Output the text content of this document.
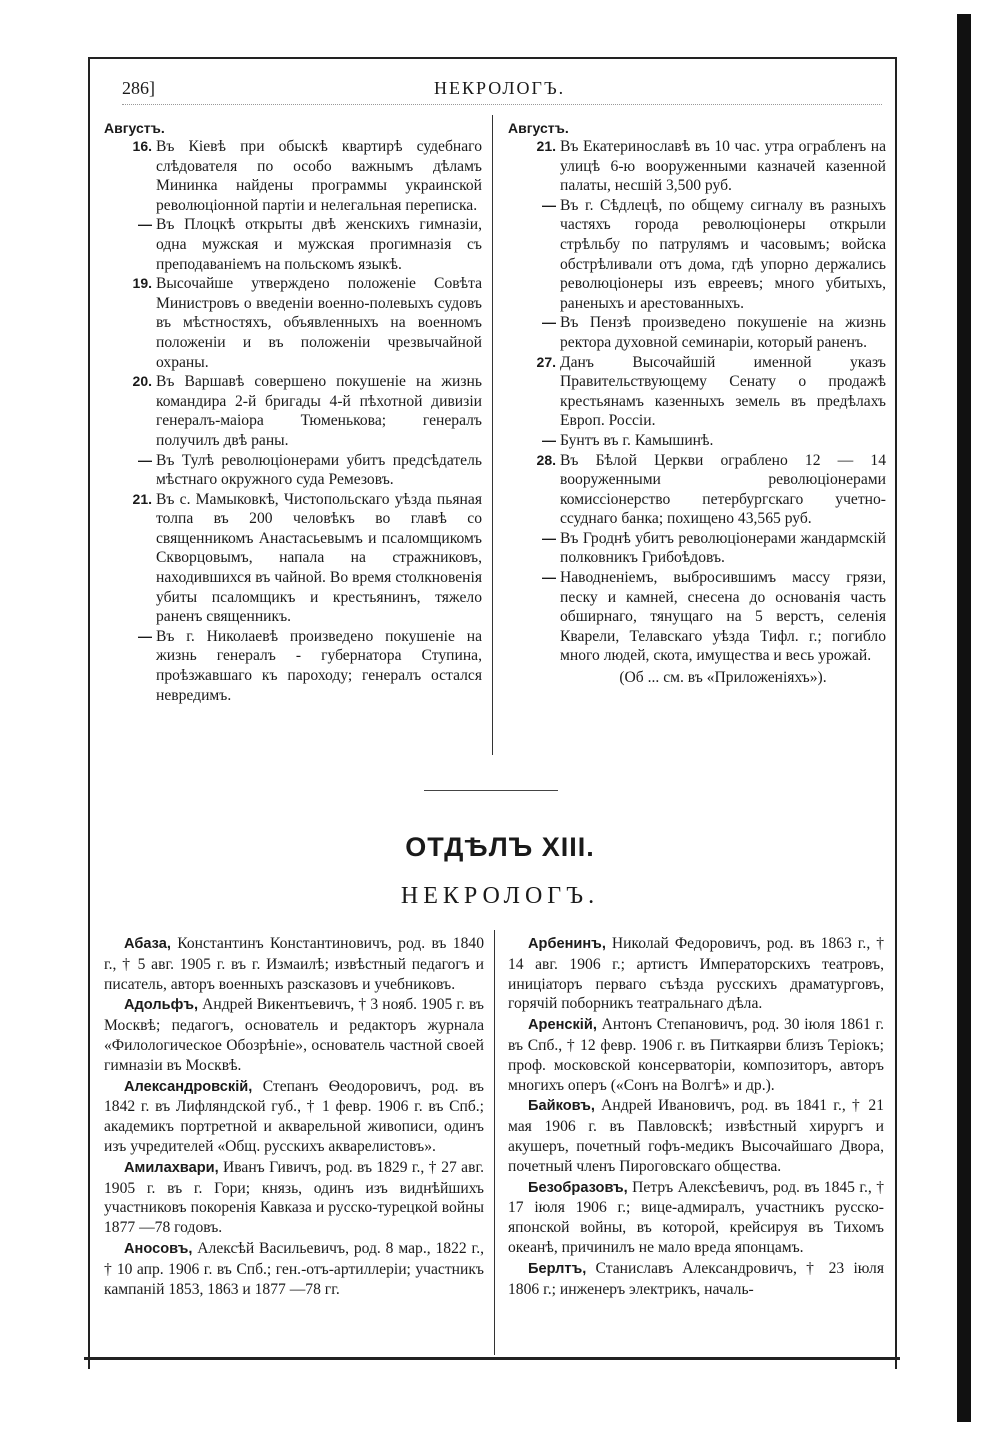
286]	НЕКРОЛОГЪ.
Августъ.

16. Въ Кіевѣ при обыскѣ квартирѣ судебнаго слѣдователя по особо важнымъ дѣламъ Мининка найдены программы украинской революціонной партіи и нелегальная переписка.

— Въ Плоцкѣ открыты двѣ женскихъ гимназіи, одна мужская и мужская прогимназія съ преподаваніемъ на польскомъ языкѣ.

19. Высочайше утверждено положеніе Совѣта Министровъ о введеніи военно-полевыхъ судовъ въ мѣстностяхъ, объявленныхъ на военномъ положеніи и въ положеніи чрезвычайной охраны.

20. Въ Варшавѣ совершено покушеніе на жизнь командира 2-й бригады 4-й пѣхотной дивизіи генералъ-маіора Тюменькова; генералъ получилъ двѣ раны.

— Въ Тулѣ революціонерами убитъ предсѣдатель мѣстнаго окружного суда Ремезовъ.

21. Въ с. Мамыковкѣ, Чистопольскаго уѣзда пьяная толпа въ 200 человѣкъ во главѣ со священникомъ Анастасьевымъ и псаломщикомъ Скворцовымъ, напала на стражниковъ, находившихся въ чайной. Во время столкновенія убиты псаломщикъ и крестьянинъ, тяжело раненъ священникъ.

— Въ г. Николаевѣ произведено покушеніе на жизнь генералъ - губернатора Ступина, проѣзжавшаго къ пароходу; генералъ остался невредимъ.

Августъ.

21. Въ Екатеринославѣ въ 10 час. утра ограбленъ на улицѣ 6-ю вооруженными казначей казенной палаты, несшій 3,500 руб.

— Въ г. Сѣдлецѣ, по общему сигналу въ разныхъ частяхъ города революціонеры открыли стрѣльбу по патрулямъ и часовымъ; войска обстрѣливали отъ дома, гдѣ упорно держались революціонеры изъ евреевъ; много убитыхъ, раненыхъ и арестованныхъ.

— Въ Пензѣ произведено покушеніе на жизнь ректора духовной семинаріи, который раненъ.

27. Данъ Высочайшій именной указъ Правительствующему Сенату о продажѣ крестьянамъ казенныхъ земель въ предѣлахъ Европ. Россіи.

— Бунтъ въ г. Камышинѣ.

28. Въ Бѣлой Церкви ограблено 12 — 14 вооруженными революціонерами комиссіонерство петербургскаго учетно-ссуднаго банка; похищено 43,565 руб.

— Въ Гроднѣ убитъ революціонерами жандармскій полковникъ Грибоѣдовъ.

— Наводненіемъ, выбросившимъ массу грязи, песку и камней, снесена до основанія часть обширнаго, тянущаго на 5 верстъ, селенія Кварели, Телавскаго уѣзда Тифл. г.; погибло много людей, скота, имущества и весь урожай.

(Об ... см. въ «Приложеніяхъ»).
ОТДѢЛЪ XIII.
НЕКРОЛОГЪ.

Абаза, Константинъ Константиновичъ, род. въ 1840 г., † 5 авг. 1905 г. въ г. Измаилѣ; извѣстный педагогъ и писатель, авторъ военныхъ разсказовъ и учебниковъ.

Адольфъ, Андрей Викентьевичъ, † 3 нояб. 1905 г. въ Москвѣ; педагогъ, основатель и редакторъ журнала «Филологическое Обозрѣніе», основатель частной своей гимназіи въ Москвѣ.

Александровскій, Степанъ Ѳеодоровичъ, род. въ 1842 г. въ Лифляндской губ., † 1 февр. 1906 г. въ Спб.; академикъ портретной и акварельной живописи, одинъ изъ учредителей «Общ. русскихъ акварелистовъ».

Амилахвари, Иванъ Гивичъ, род. въ 1829 г., † 27 авг. 1905 г. въ г. Гори; князь, одинъ изъ виднѣйшихъ участниковъ покоренія Кавказа и русско-турецкой войны 1877 —78 годовъ.

Аносовъ, Алексѣй Васильевичъ, род. 8 мар., 1822 г., † 10 апр. 1906 г. въ Спб.; ген.-отъ-артиллеріи; участникъ кампаній 1853, 1863 и 1877 —78 гг.

Арбенинъ, Николай Федоровичъ, род. въ 1863 г., † 14 авг. 1906 г.; артистъ Императорскихъ театровъ, иниціаторъ перваго съѣзда русскихъ драматурговъ, горячій поборникъ театральнаго дѣла.

Аренскій, Антонъ Степановичъ, род. 30 іюля 1861 г. въ Спб., † 12 февр. 1906 г. въ Питкаярви близъ Теріокъ; проф. московской консерваторіи, композиторъ, авторъ многихъ оперъ («Сонъ на Волгѣ» и др.).

Байковъ, Андрей Ивановичъ, род. въ 1841 г., † 21 мая 1906 г. въ Павловскѣ; извѣстный хирургъ и акушеръ, почетный гофъ-медикъ Высочайшаго Двора, почетный членъ Пироговскаго общества.

Безобразовъ, Петръ Алексѣевичъ, род. въ 1845 г., † 17 іюля 1906 г.; вице-адмиралъ, участникъ русско-японской войны, въ которой, крейсируя въ Тихомъ океанѣ, причинилъ не мало вреда японцамъ.

Берлтъ, Станиславъ Александровичъ, † 23 іюля 1806 г.; инженеръ электрикъ, началь-
